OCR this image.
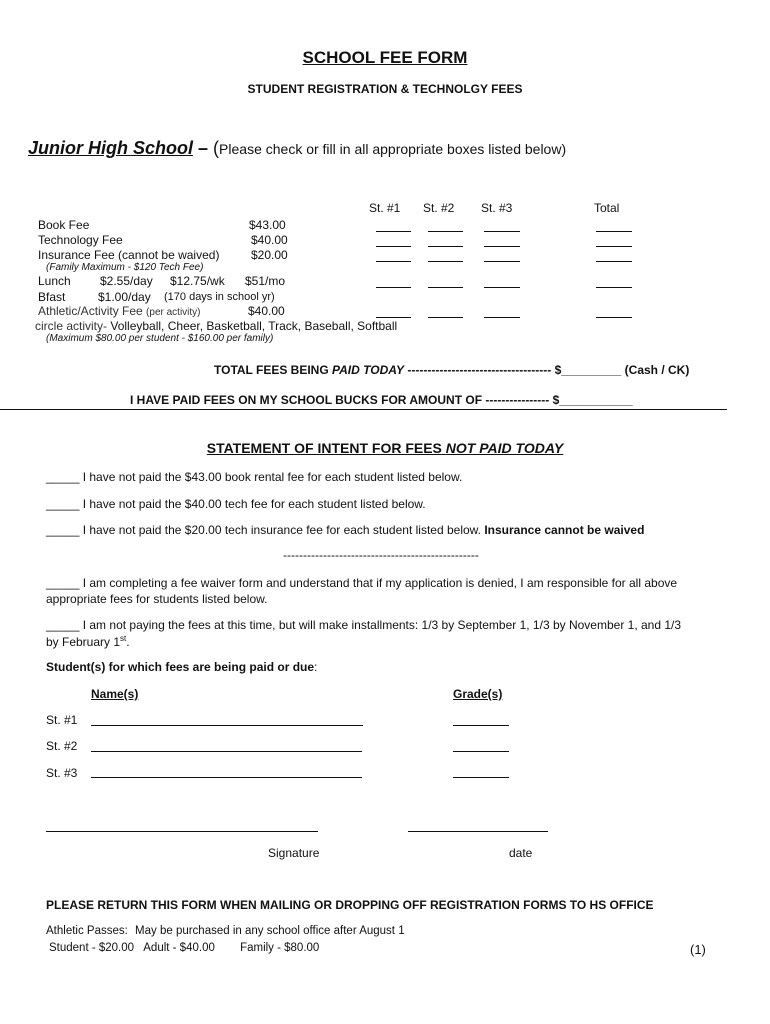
SCHOOL FEE FORM
STUDENT REGISTRATION & TECHNOLGY FEES
Junior High School – (Please check or fill in all appropriate boxes listed below)
St. #1 St. #2 St. #3	Total
Book Fee	$43.00
Technology Fee	$40.00
Insurance Fee (cannot be waived)	$20.00
(Family Maximum - $120 Tech Fee)
Lunch $2.55/day $12.75/wk $51/mo
Bfast	$1.00/day (170 days in school yr)
Athletic/Activity Fee (per activity)	$40.00
circle activity- Volleyball, Cheer, Basketball, Track, Baseball, Softball
(Maximum $80.00 per student - $160.00 per family)
TOTAL FEES BEING PAID TODAY ------------------------------------ $_________ (Cash / CK)
I HAVE PAID FEES ON MY SCHOOL BUCKS FOR AMOUNT OF ---------------- $___________
STATEMENT OF INTENT FOR FEES NOT PAID TODAY
_____ I have not paid the $43.00 book rental fee for each student listed below.
_____ I have not paid the $40.00 tech fee for each student listed below.
_____ I have not paid the $20.00 tech insurance fee for each student listed below. Insurance cannot be waived
-------------------------------------------------
_____ I am completing a fee waiver form and understand that if my application is denied, I am responsible for all above
appropriate fees for students listed below.
_____ I am not paying the fees at this time, but will make installments: 1/3 by September 1, 1/3 by November 1, and 1/3
by February 1st.
Student(s) for which fees are being paid or due:
Name(s)	Grade(s)
St. #1
St. #2
St. #3
Signature	date
PLEASE RETURN THIS FORM WHEN MAILING OR DROPPING OFF REGISTRATION FORMS TO HS OFFICE
Athletic Passes: May be purchased in any school office after August 1
Student - $20.00 Adult - $40.00 Family - $80.00	(1)
